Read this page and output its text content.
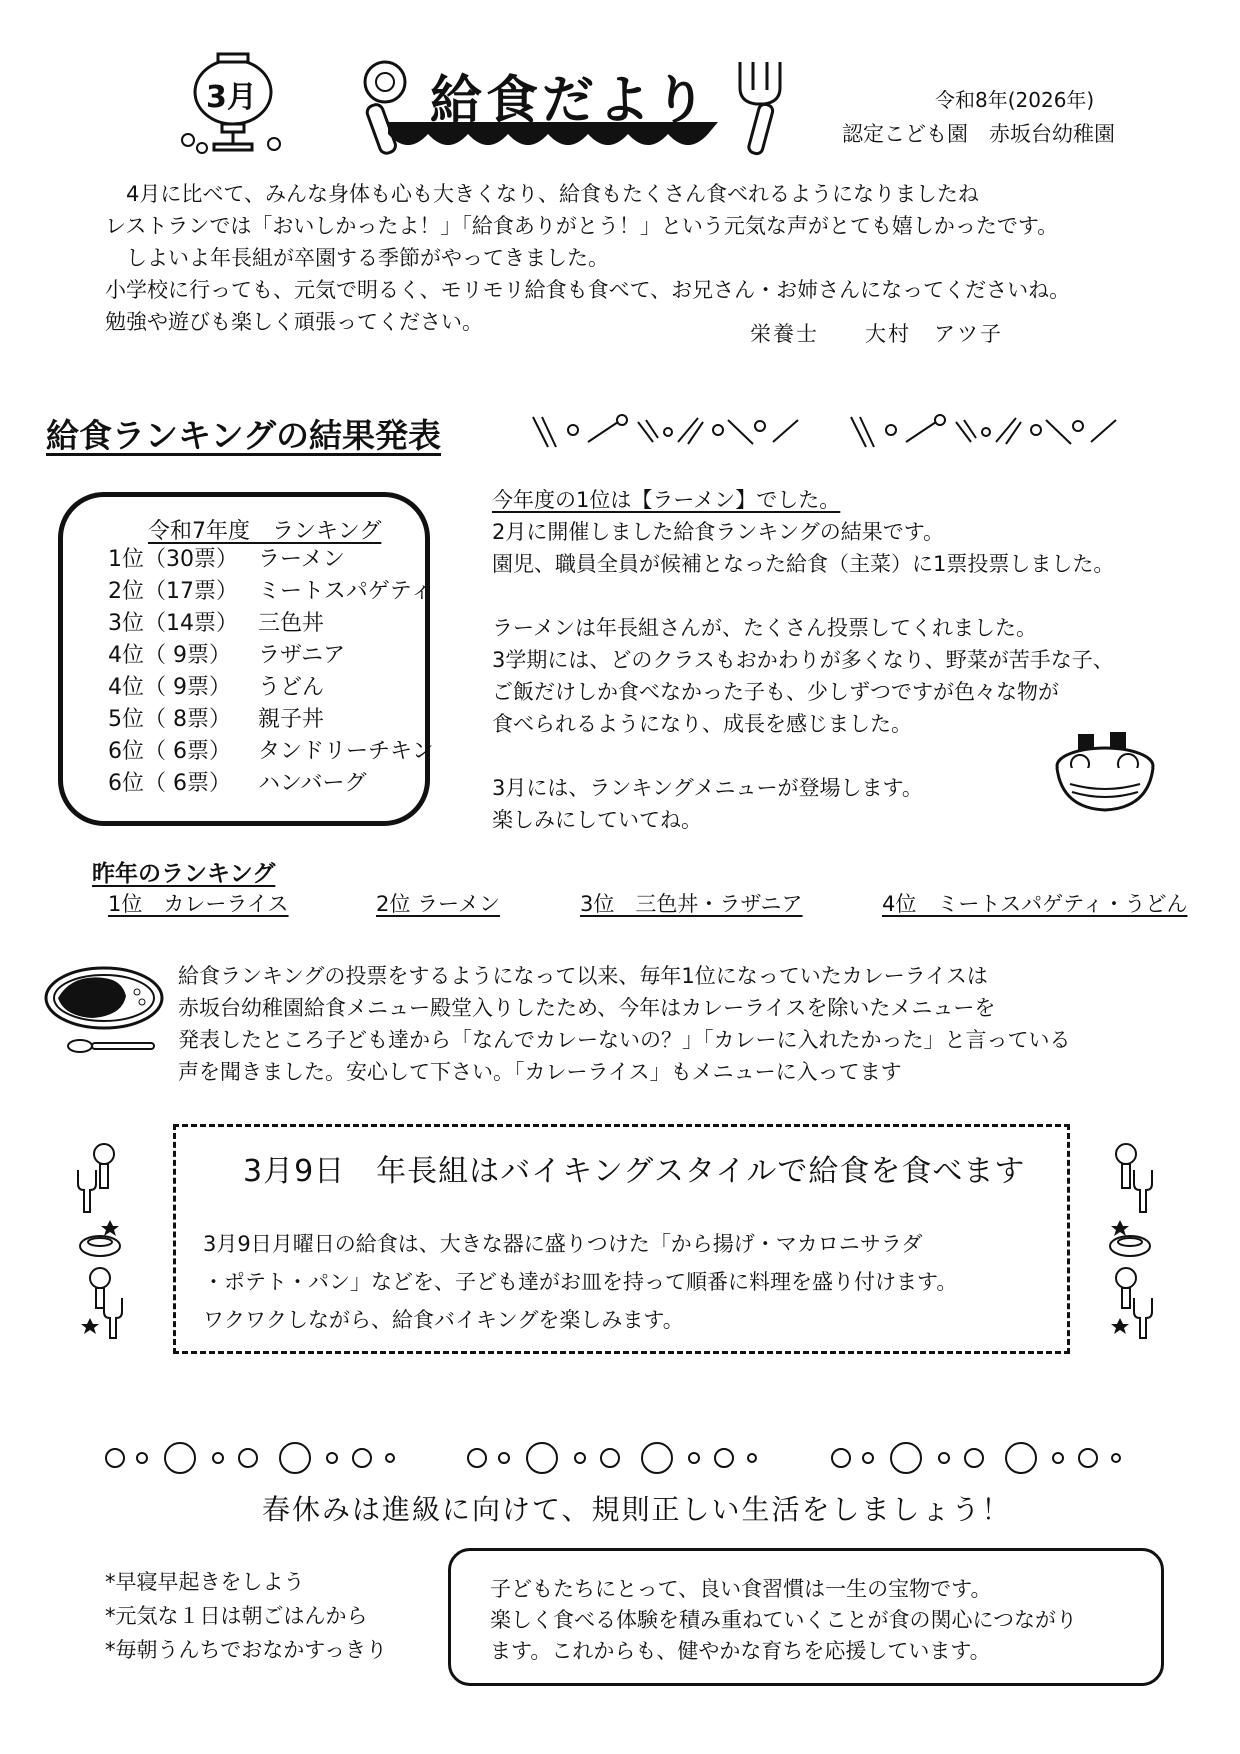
3月	給食だより	令和8年(2026年)
認定こども園　赤坂台幼稚園
　4月に比べて、みんな身体も心も大きくなり、給食もたくさん食べれるようになりましたね
レストランでは「おいしかったよ！」「給食ありがとう！」という元気な声がとても嬉しかったです。
　しよいよ年長組が卒園する季節がやってきました。
小学校に行っても、元気で明るく、モリモリ給食も食べて、お兄さん・お姉さんになってくださいね。
勉強や遊びも楽しく頑張ってください。	栄養士　　大村　アツ子
給食ランキングの結果発表
令和7年度　ランキング
1位（30票） ラーメン
2位（17票） ミートスパゲティ
3位（14票） 三色丼
4位（ 9票） ラザニア
4位（ 9票） うどん
5位（ 8票） 親子丼
6位（ 6票） タンドリーチキン
6位（ 6票） ハンバーグ
今年度の1位は【ラーメン】でした。
2月に開催しました給食ランキングの結果です。
園児、職員全員が候補となった給食（主菜）に1票投票しました。
ラーメンは年長組さんが、たくさん投票してくれました。
3学期には、どのクラスもおかわりが多くなり、野菜が苦手な子、
ご飯だけしか食べなかった子も、少しずつですが色々な物が
食べられるようになり、成長を感じました。
3月には、ランキングメニューが登場します。
楽しみにしていてね。
昨年のランキング
1位　カレーライス	2位 ラーメン	3位　三色丼・ラザニア	4位　ミートスパゲティ・うどん
給食ランキングの投票をするようになって以来、毎年1位になっていたカレーライスは
赤坂台幼稚園給食メニュー殿堂入りしたため、今年はカレーライスを除いたメニューを
発表したところ子ども達から「なんでカレーないの？」「カレーに入れたかった」と言っている
声を聞きました。安心して下さい。「カレーライス」もメニューに入ってます
3月9日　年長組はバイキングスタイルで給食を食べます
3月9日月曜日の給食は、大きな器に盛りつけた「から揚げ・マカロニサラダ
・ポテト・パン」などを、子ども達がお皿を持って順番に料理を盛り付けます。
ワクワクしながら、給食バイキングを楽しみます。
春休みは進級に向けて、規則正しい生活をしましょう！
*早寝早起きをしよう
*元気な１日は朝ごはんから
*毎朝うんちでおなかすっきり
子どもたちにとって、良い食習慣は一生の宝物です。
楽しく食べる体験を積み重ねていくことが食の関心につながり
ます。これからも、健やかな育ちを応援しています。
